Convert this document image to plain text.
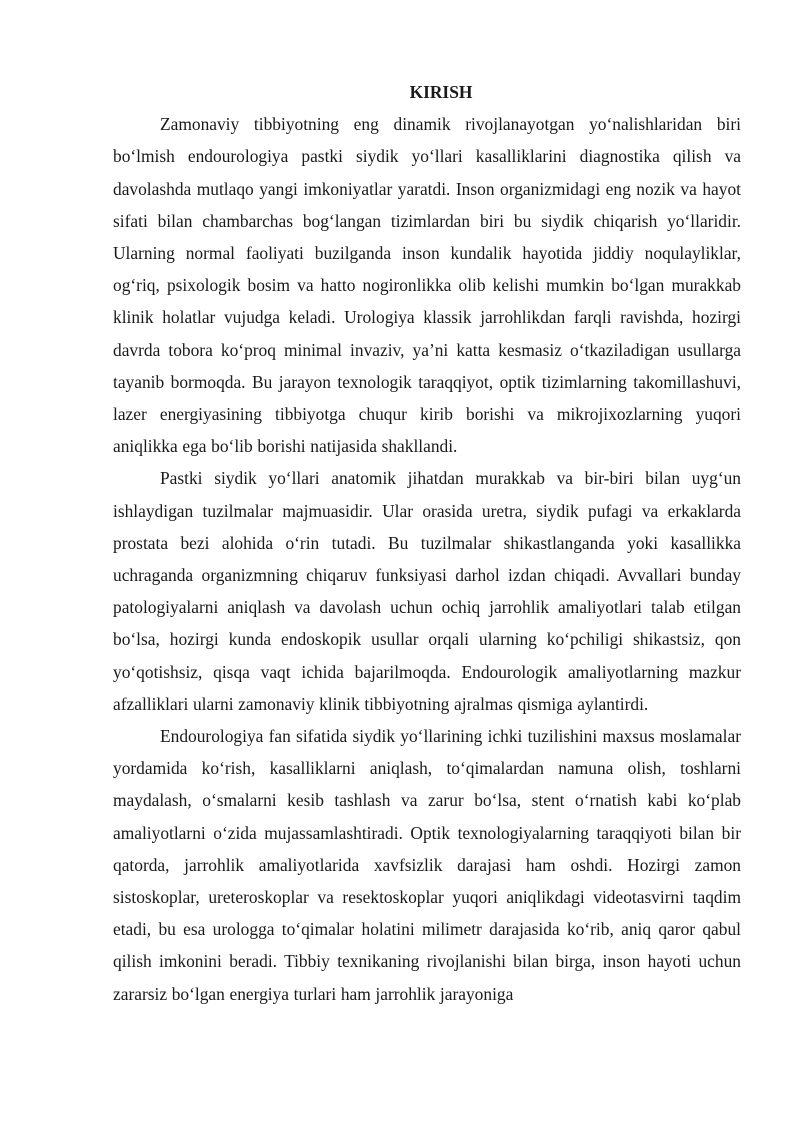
KIRISH

Zamonaviy tibbiyotning eng dinamik rivojlanayotgan yoʻnalishlaridan biri boʻlmish endourologiya pastki siydik yoʻllari kasalliklarini diagnostika qilish va davolashda mutlaqo yangi imkoniyatlar yaratdi. Inson organizmidagi eng nozik va hayot sifati bilan chambarchas bogʻlangan tizimlardan biri bu siydik chiqarish yoʻllaridir. Ularning normal faoliyati buzilganda inson kundalik hayotida jiddiy noqulayliklar, ogʻriq, psixologik bosim va hatto nogironlikka olib kelishi mumkin boʻlgan murakkab klinik holatlar vujudga keladi. Urologiya klassik jarrohlikdan farqli ravishda, hozirgi davrda tobora koʻproq minimal invaziv, yaʼni katta kesmasiz oʻtkaziladigan usullarga tayanib bormoqda. Bu jarayon texnologik taraqqiyot, optik tizimlarning takomillashuvi, lazer energiyasining tibbiyotga chuqur kirib borishi va mikrojixozlarning yuqori aniqlikka ega boʻlib borishi natijasida shakllandi.

Pastki siydik yoʻllari anatomik jihatdan murakkab va bir-biri bilan uygʻun ishlaydigan tuzilmalar majmuasidir. Ular orasida uretra, siydik pufagi va erkaklarda prostata bezi alohida oʻrin tutadi. Bu tuzilmalar shikastlanganda yoki kasallikka uchraganda organizmning chiqaruv funksiyasi darhol izdan chiqadi. Avvallari bunday patologiyalarni aniqlash va davolash uchun ochiq jarrohlik amaliyotlari talab etilgan boʻlsa, hozirgi kunda endoskopik usullar orqali ularning koʻpchiligi shikastsiz, qon yoʻqotishsiz, qisqa vaqt ichida bajarilmoqda. Endourologik amaliyotlarning mazkur afzalliklari ularni zamonaviy klinik tibbiyotning ajralmas qismiga aylantirdi.

Endourologiya fan sifatida siydik yoʻllarining ichki tuzilishini maxsus moslamalar yordamida koʻrish, kasalliklarni aniqlash, toʻqimalardan namuna olish, toshlarni maydalash, oʻsmalarni kesib tashlash va zarur boʻlsa, stent oʻrnatish kabi koʻplab amaliyotlarni oʻzida mujassamlashtiradi. Optik texnologiyalarning taraqqiyoti bilan bir qatorda, jarrohlik amaliyotlarida xavfsizlik darajasi ham oshdi. Hozirgi zamon sistoskoplar, ureteroskoplar va resektoskoplar yuqori aniqlikdagi videotasvirni taqdim etadi, bu esa urologga toʻqimalar holatini milimetr darajasida koʻrib, aniq qaror qabul qilish imkonini beradi. Tibbiy texnikaning rivojlanishi bilan birga, inson hayoti uchun zararsiz boʻlgan energiya turlari ham jarrohlik jarayoniga
